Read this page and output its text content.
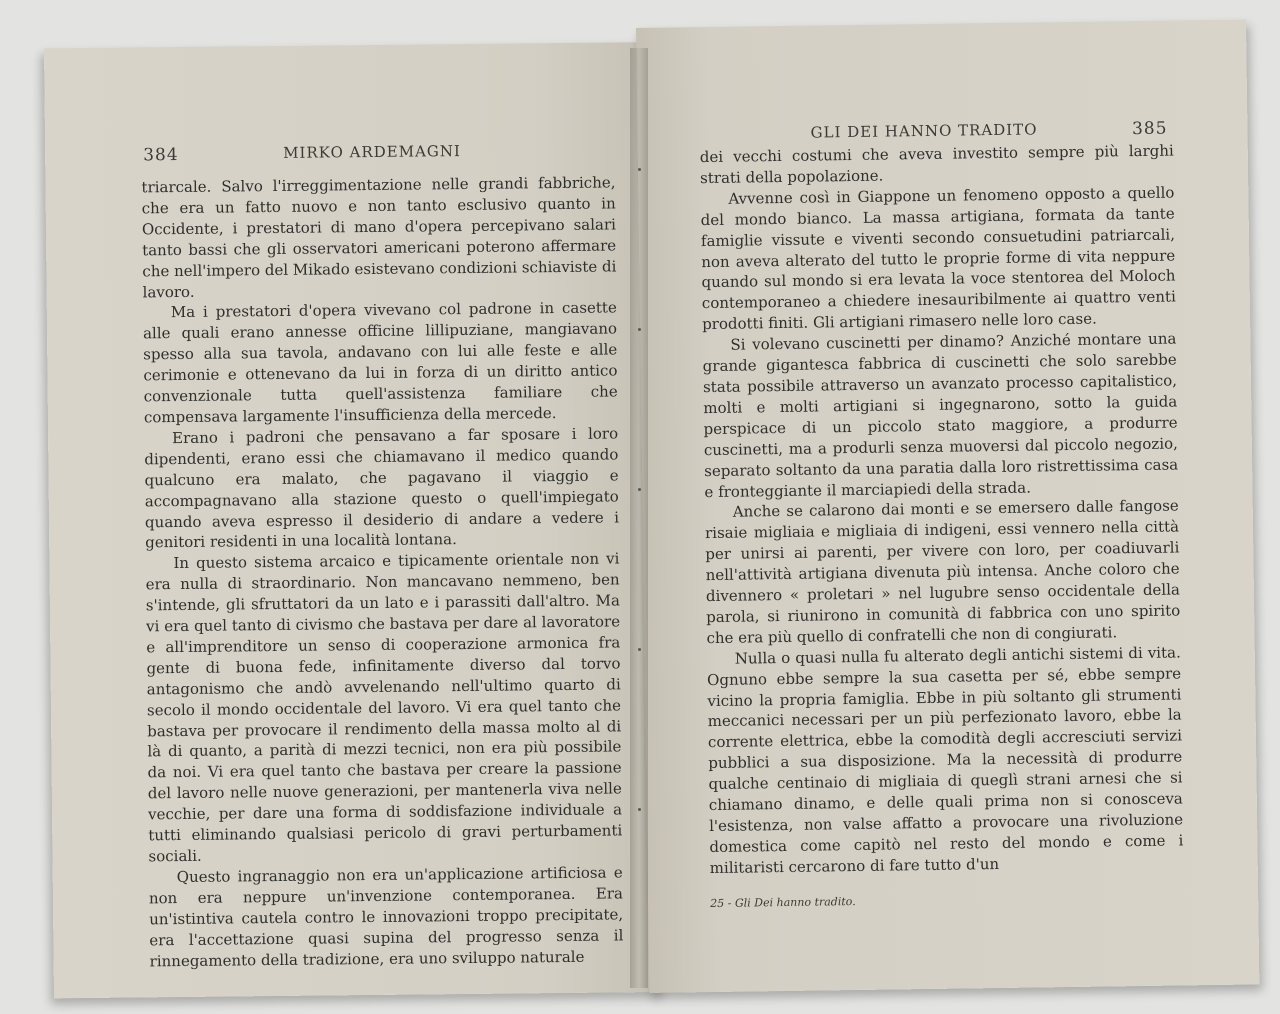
384	MIRKO ARDEMAGNI

triarcale. Salvo l'irreggimentazione nelle grandi fabbriche, che era un fatto nuovo e non tanto esclusivo quanto in Occidente, i prestatori di mano d'opera percepivano salari tanto bassi che gli osservatori americani poterono affermare che nell'impero del Mikado esistevano condizioni schiaviste di lavoro.

Ma i prestatori d'opera vivevano col padrone in casette alle quali erano annesse officine lillipuziane, mangiavano spesso alla sua tavola, andavano con lui alle feste e alle cerimonie e ottenevano da lui in forza di un diritto antico convenzionale tutta quell'assistenza familiare che compensava largamente l'insufficienza della mercede.

Erano i padroni che pensavano a far sposare i loro dipendenti, erano essi che chiamavano il medico quando qualcuno era malato, che pagavano il viaggio e accompagnavano alla stazione questo o quell'impiegato quando aveva espresso il desiderio di andare a vedere i genitori residenti in una località lontana.

In questo sistema arcaico e tipicamente orientale non vi era nulla di straordinario. Non mancavano nemmeno, ben s'intende, gli sfruttatori da un lato e i parassiti dall'altro. Ma vi era quel tanto di civismo che bastava per dare al lavoratore e all'imprenditore un senso di cooperazione armonica fra gente di buona fede, infinitamente diverso dal torvo antagonismo che andò avvelenando nell'ultimo quarto di secolo il mondo occidentale del lavoro. Vi era quel tanto che bastava per provocare il rendimento della massa molto al di là di quanto, a parità di mezzi tecnici, non era più possibile da noi. Vi era quel tanto che bastava per creare la passione del lavoro nelle nuove generazioni, per mantenerla viva nelle vecchie, per dare una forma di soddisfazione individuale a tutti eliminando qualsiasi pericolo di gravi perturbamenti sociali.

Questo ingranaggio non era un'applicazione artificiosa e non era neppure un'invenzione contemporanea. Era un'istintiva cautela contro le innovazioni troppo precipitate, era l'accettazione quasi supina del progresso senza il rinnegamento della tradizione, era uno sviluppo naturale

GLI DEI HANNO TRADITO	385

dei vecchi costumi che aveva investito sempre più larghi strati della popolazione.

Avvenne così in Giappone un fenomeno opposto a quello del mondo bianco. La massa artigiana, formata da tante famiglie vissute e viventi secondo consuetudini patriarcali, non aveva alterato del tutto le proprie forme di vita neppure quando sul mondo si era levata la voce stentorea del Moloch contemporaneo a chiedere inesauribilmente ai quattro venti prodotti finiti. Gli artigiani rimasero nelle loro case.

Si volevano cuscinetti per dinamo? Anziché montare una grande gigantesca fabbrica di cuscinetti che solo sarebbe stata possibile attraverso un avanzato processo capitalistico, molti e molti artigiani si ingegnarono, sotto la guida perspicace di un piccolo stato maggiore, a produrre cuscinetti, ma a produrli senza muoversi dal piccolo negozio, separato soltanto da una paratia dalla loro ristrettissima casa e fronteggiante il marciapiedi della strada.

Anche se calarono dai monti e se emersero dalle fangose risaie migliaia e migliaia di indigeni, essi vennero nella città per unirsi ai parenti, per vivere con loro, per coadiuvarli nell'attività artigiana divenuta più intensa. Anche coloro che divennero « proletari » nel lugubre senso occidentale della parola, si riunirono in comunità di fabbrica con uno spirito che era più quello di confratelli che non di congiurati.

Nulla o quasi nulla fu alterato degli antichi sistemi di vita. Ognuno ebbe sempre la sua casetta per sé, ebbe sempre vicino la propria famiglia. Ebbe in più soltanto gli strumenti meccanici necessari per un più perfezionato lavoro, ebbe la corrente elettrica, ebbe la comodità degli accresciuti servizi pubblici a sua disposizione. Ma la necessità di produrre qualche centinaio di migliaia di queglì strani arnesi che si chiamano dinamo, e delle quali prima non si conosceva l'esistenza, non valse affatto a provocare una rivoluzione domestica come capitò nel resto del mondo e come i militaristi cercarono di fare tutto d'un

25 - Gli Dei hanno tradito.
